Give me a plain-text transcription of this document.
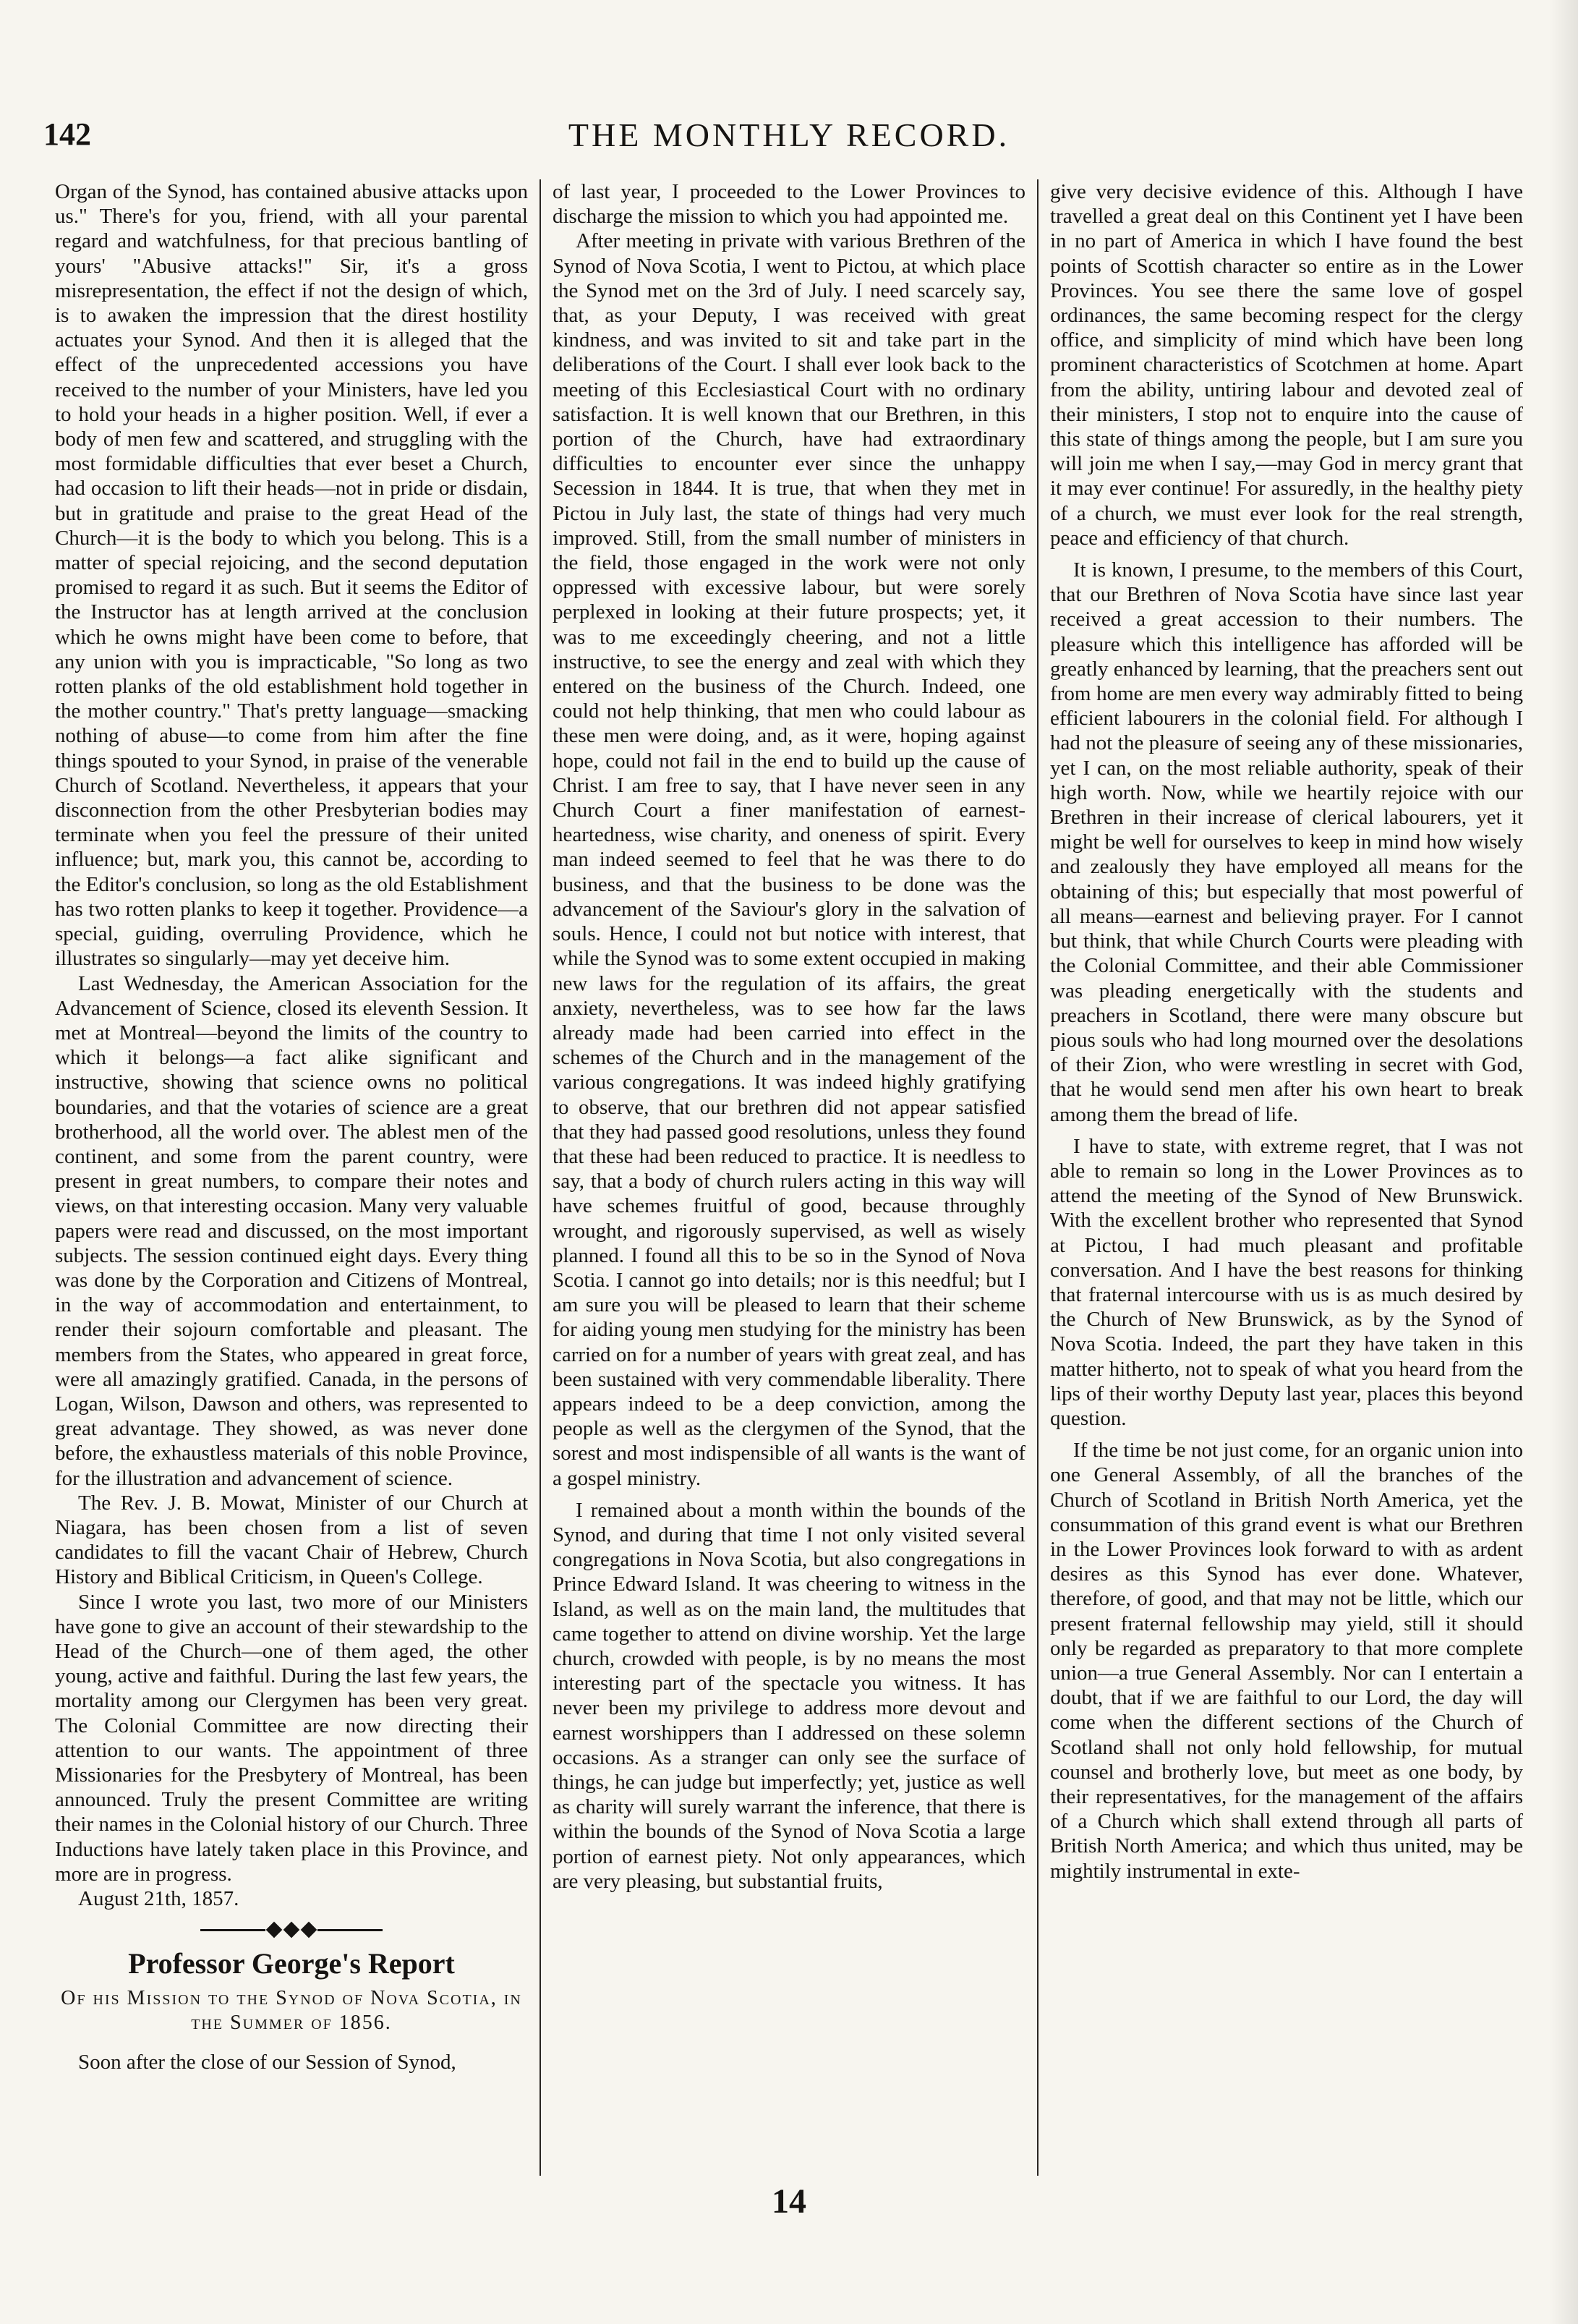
142	THE MONTHLY RECORD.

Organ of the Synod, has contained abusive attacks upon us." There's for you, friend, with all your parental regard and watchfulness, for that precious bantling of yours' "Abusive attacks!" Sir, it's a gross misrepresentation, the effect if not the design of which, is to awaken the impression that the direst hostility actuates your Synod. And then it is alleged that the effect of the unprecedented accessions you have received to the number of your Ministers, have led you to hold your heads in a higher position. Well, if ever a body of men few and scattered, and struggling with the most formidable difficulties that ever beset a Church, had occasion to lift their heads—not in pride or disdain, but in gratitude and praise to the great Head of the Church—it is the body to which you belong. This is a matter of special rejoicing, and the second deputation promised to regard it as such. But it seems the Editor of the Instructor has at length arrived at the conclusion which he owns might have been come to before, that any union with you is impracticable, "So long as two rotten planks of the old establishment hold together in the mother country." That's pretty language—smacking nothing of abuse—to come from him after the fine things spouted to your Synod, in praise of the venerable Church of Scotland. Nevertheless, it appears that your disconnection from the other Presbyterian bodies may terminate when you feel the pressure of their united influence; but, mark you, this cannot be, according to the Editor's conclusion, so long as the old Establishment has two rotten planks to keep it together. Providence—a special, guiding, overruling Providence, which he illustrates so singularly—may yet deceive him.

Last Wednesday, the American Association for the Advancement of Science, closed its eleventh Session. It met at Montreal—beyond the limits of the country to which it belongs—a fact alike significant and instructive, showing that science owns no political boundaries, and that the votaries of science are a great brotherhood, all the world over. The ablest men of the continent, and some from the parent country, were present in great numbers, to compare their notes and views, on that interesting occasion. Many very valuable papers were read and discussed, on the most important subjects. The session continued eight days. Every thing was done by the Corporation and Citizens of Montreal, in the way of accommodation and entertainment, to render their sojourn comfortable and pleasant. The members from the States, who appeared in great force, were all amazingly gratified. Canada, in the persons of Logan, Wilson, Dawson and others, was represented to great advantage. They showed, as was never done before, the exhaustless materials of this noble Province, for the illustration and advancement of science.

The Rev. J. B. Mowat, Minister of our Church at Niagara, has been chosen from a list of seven candidates to fill the vacant Chair of Hebrew, Church History and Biblical Criticism, in Queen's College.

Since I wrote you last, two more of our Ministers have gone to give an account of their stewardship to the Head of the Church—one of them aged, the other young, active and faithful. During the last few years, the mortality among our Clergymen has been very great. The Colonial Committee are now directing their attention to our wants. The appointment of three Missionaries for the Presbytery of Montreal, has been announced. Truly the present Committee are writing their names in the Colonial history of our Church. Three Inductions have lately taken place in this Province, and more are in progress.

August 21th, 1857.

Professor George's Report
Of his Mission to the Synod of Nova Scotia, in the Summer of 1856.

Soon after the close of our Session of Synod,

of last year, I proceeded to the Lower Provinces to discharge the mission to which you had appointed me.

After meeting in private with various Brethren of the Synod of Nova Scotia, I went to Pictou, at which place the Synod met on the 3rd of July. I need scarcely say, that, as your Deputy, I was received with great kindness, and was invited to sit and take part in the deliberations of the Court. I shall ever look back to the meeting of this Ecclesiastical Court with no ordinary satisfaction. It is well known that our Brethren, in this portion of the Church, have had extraordinary difficulties to encounter ever since the unhappy Secession in 1844. It is true, that when they met in Pictou in July last, the state of things had very much improved. Still, from the small number of ministers in the field, those engaged in the work were not only oppressed with excessive labour, but were sorely perplexed in looking at their future prospects; yet, it was to me exceedingly cheering, and not a little instructive, to see the energy and zeal with which they entered on the business of the Church. Indeed, one could not help thinking, that men who could labour as these men were doing, and, as it were, hoping against hope, could not fail in the end to build up the cause of Christ. I am free to say, that I have never seen in any Church Court a finer manifestation of earnest-heartedness, wise charity, and oneness of spirit. Every man indeed seemed to feel that he was there to do business, and that the business to be done was the advancement of the Saviour's glory in the salvation of souls. Hence, I could not but notice with interest, that while the Synod was to some extent occupied in making new laws for the regulation of its affairs, the great anxiety, nevertheless, was to see how far the laws already made had been carried into effect in the schemes of the Church and in the management of the various congregations. It was indeed highly gratifying to observe, that our brethren did not appear satisfied that they had passed good resolutions, unless they found that these had been reduced to practice. It is needless to say, that a body of church rulers acting in this way will have schemes fruitful of good, because throughly wrought, and rigorously supervised, as well as wisely planned. I found all this to be so in the Synod of Nova Scotia. I cannot go into details; nor is this needful; but I am sure you will be pleased to learn that their scheme for aiding young men studying for the ministry has been carried on for a number of years with great zeal, and has been sustained with very commendable liberality. There appears indeed to be a deep conviction, among the people as well as the clergymen of the Synod, that the sorest and most indispensible of all wants is the want of a gospel ministry.

I remained about a month within the bounds of the Synod, and during that time I not only visited several congregations in Nova Scotia, but also congregations in Prince Edward Island. It was cheering to witness in the Island, as well as on the main land, the multitudes that came together to attend on divine worship. Yet the large church, crowded with people, is by no means the most interesting part of the spectacle you witness. It has never been my privilege to address more devout and earnest worshippers than I addressed on these solemn occasions. As a stranger can only see the surface of things, he can judge but imperfectly; yet, justice as well as charity will surely warrant the inference, that there is within the bounds of the Synod of Nova Scotia a large portion of earnest piety. Not only appearances, which are very pleasing, but substantial fruits,

give very decisive evidence of this. Although I have travelled a great deal on this Continent yet I have been in no part of America in which I have found the best points of Scottish character so entire as in the Lower Provinces. You see there the same love of gospel ordinances, the same becoming respect for the clergy office, and simplicity of mind which have been long prominent characteristics of Scotchmen at home. Apart from the ability, untiring labour and devoted zeal of their ministers, I stop not to enquire into the cause of this state of things among the people, but I am sure you will join me when I say,—may God in mercy grant that it may ever continue! For assuredly, in the healthy piety of a church, we must ever look for the real strength, peace and efficiency of that church.

It is known, I presume, to the members of this Court, that our Brethren of Nova Scotia have since last year received a great accession to their numbers. The pleasure which this intelligence has afforded will be greatly enhanced by learning, that the preachers sent out from home are men every way admirably fitted to being efficient labourers in the colonial field. For although I had not the pleasure of seeing any of these missionaries, yet I can, on the most reliable authority, speak of their high worth. Now, while we heartily rejoice with our Brethren in their increase of clerical labourers, yet it might be well for ourselves to keep in mind how wisely and zealously they have employed all means for the obtaining of this; but especially that most powerful of all means—earnest and believing prayer. For I cannot but think, that while Church Courts were pleading with the Colonial Committee, and their able Commissioner was pleading energetically with the students and preachers in Scotland, there were many obscure but pious souls who had long mourned over the desolations of their Zion, who were wrestling in secret with God, that he would send men after his own heart to break among them the bread of life.

I have to state, with extreme regret, that I was not able to remain so long in the Lower Provinces as to attend the meeting of the Synod of New Brunswick. With the excellent brother who represented that Synod at Pictou, I had much pleasant and profitable conversation. And I have the best reasons for thinking that fraternal intercourse with us is as much desired by the Church of New Brunswick, as by the Synod of Nova Scotia. Indeed, the part they have taken in this matter hitherto, not to speak of what you heard from the lips of their worthy Deputy last year, places this beyond question.

If the time be not just come, for an organic union into one General Assembly, of all the branches of the Church of Scotland in British North America, yet the consummation of this grand event is what our Brethren in the Lower Provinces look forward to with as ardent desires as this Synod has ever done. Whatever, therefore, of good, and that may not be little, which our present fraternal fellowship may yield, still it should only be regarded as preparatory to that more complete union—a true General Assembly. Nor can I entertain a doubt, that if we are faithful to our Lord, the day will come when the different sections of the Church of Scotland shall not only hold fellowship, for mutual counsel and brotherly love, but meet as one body, by their representatives, for the management of the affairs of a Church which shall extend through all parts of British North America; and which thus united, may be mightily instrumental in exte-

14
